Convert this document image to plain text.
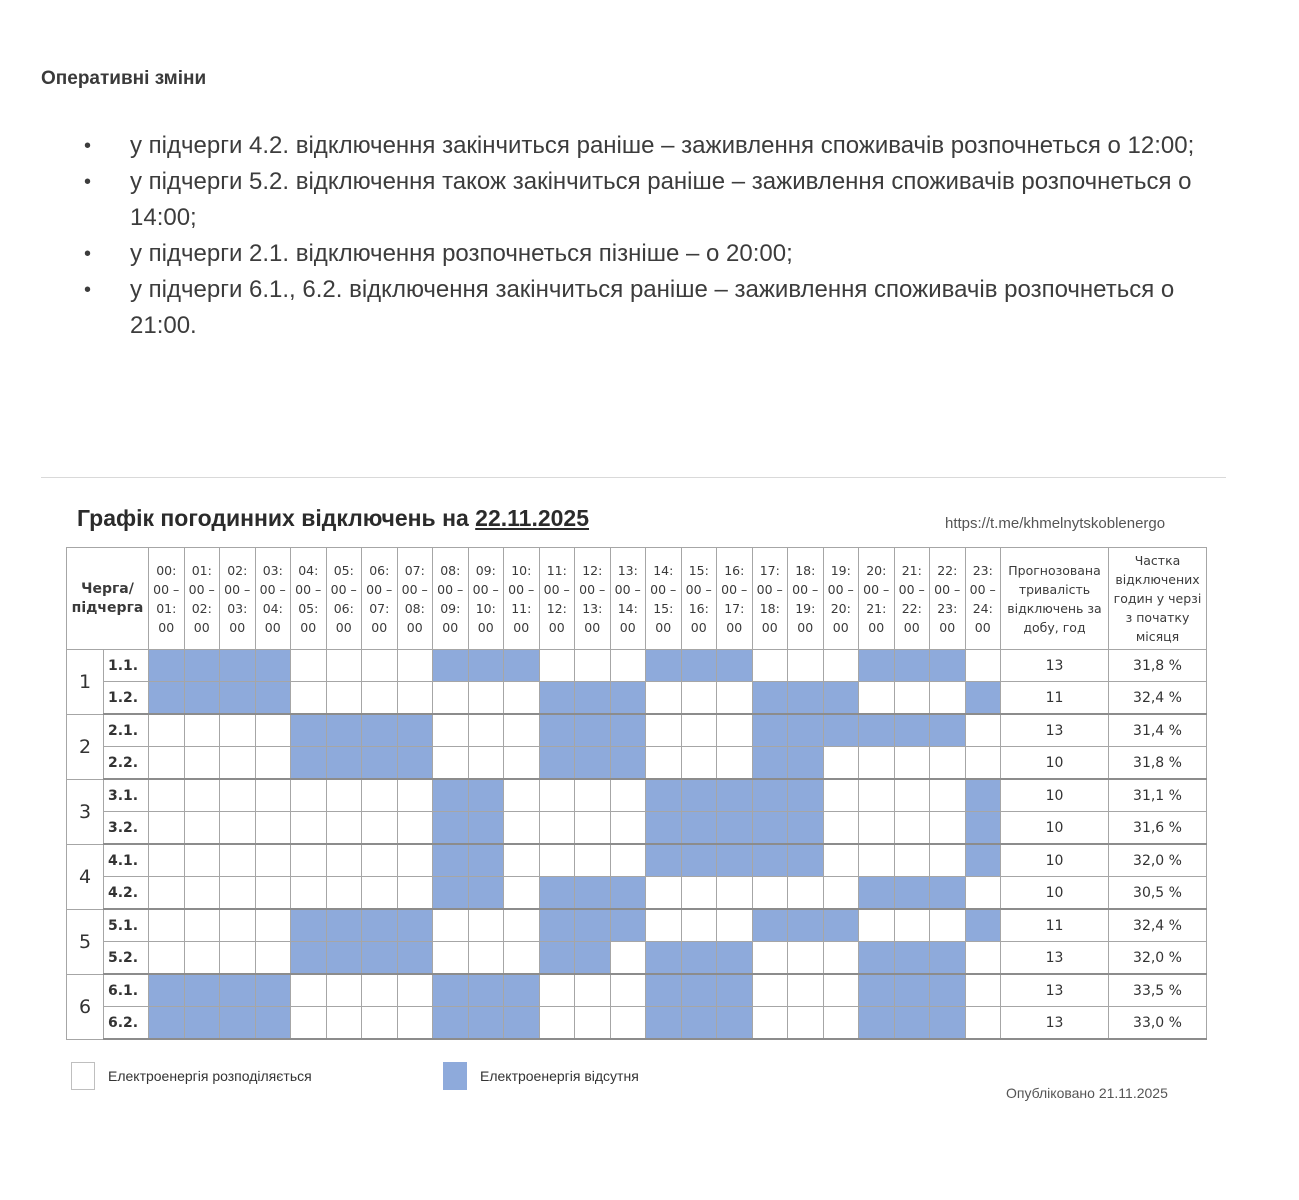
Оперативні зміни
• у підчерги 4.2. відключення закінчиться раніше – заживлення споживачів розпочнеться о 12:00;
• у підчерги 5.2. відключення також закінчиться раніше – заживлення споживачів розпочнеться о 14:00;
• у підчерги 2.1. відключення розпочнеться пізніше – о 20:00;
• у підчерги 6.1., 6.2. відключення закінчиться раніше – заживлення споживачів розпочнеться о 21:00.
Графік погодинних відключень на 22.11.2025	https://t.me/khmelnytskoblenergo
Черга/ підчерга		00: 00 – 01: 00	01: 00 – 02: 00	02: 00 – 03: 00	03: 00 – 04: 00	04: 00 – 05: 00	05: 00 – 06: 00	06: 00 – 07: 00	07: 00 – 08: 00	08: 00 – 09: 00	09: 00 – 10: 00	10: 00 – 11: 00	11: 00 – 12: 00	12: 00 – 13: 00	13: 00 – 14: 00	14: 00 – 15: 00	15: 00 – 16: 00	16: 00 – 17: 00	17: 00 – 18: 00	18: 00 – 19: 00	19: 00 – 20: 00	20: 00 – 21: 00	21: 00 – 22: 00	22: 00 – 23: 00	23: 00 – 24: 00	Прогнозована тривалість відключень за добу, год	Частка відключених годин у черзі з початку місяця
1	1.1.																									13	31,8 %
	1.2.																									11	32,4 %
2	2.1.																									13	31,4 %
	2.2.																									10	31,8 %
3	3.1.																									10	31,1 %
	3.2.																									10	31,6 %
4	4.1.																									10	32,0 %
	4.2.																									10	30,5 %
5	5.1.																									11	32,4 %
	5.2.																									13	32,0 %
6	6.1.																									13	33,5 %
	6.2.																									13	33,0 %
Електроенергія розподіляється	Електроенергія відсутня
Опубліковано 21.11.2025
